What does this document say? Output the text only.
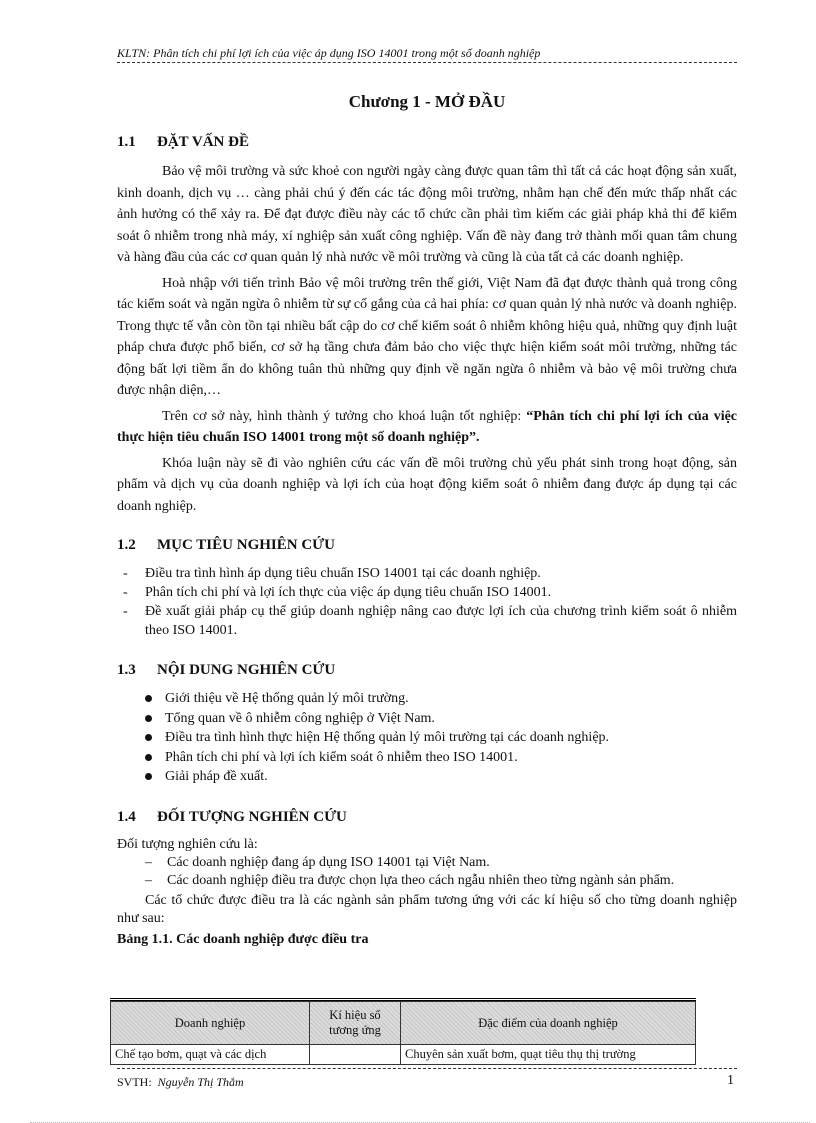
KLTN: Phân tích chi phí lợi ích của việc áp dụng ISO 14001 trong một số doanh nghiệp
Chương 1 - MỞ ĐẦU
1.1 ĐẶT VẤN ĐỀ

Bảo vệ môi trường và sức khoẻ con người ngày càng được quan tâm thì tất cả các hoạt động sản xuất, kinh doanh, dịch vụ … càng phải chú ý đến các tác động môi trường, nhằm hạn chế đến mức thấp nhất các ảnh hưởng có thể xảy ra. Để đạt được điều này các tổ chức cần phải tìm kiếm các giải pháp khả thi để kiểm soát ô nhiễm trong nhà máy, xí nghiệp sản xuất công nghiệp. Vấn đề này đang trở thành mối quan tâm chung và hàng đầu của các cơ quan quản lý nhà nước về môi trường và cũng là của tất cả các doanh nghiệp.

Hoà nhập với tiến trình Bảo vệ môi trường trên thế giới, Việt Nam đã đạt được thành quả trong công tác kiểm soát và ngăn ngừa ô nhiễm từ sự cố gắng của cả hai phía: cơ quan quản lý nhà nước và doanh nghiệp. Trong thực tế vẫn còn tồn tại nhiều bất cập do cơ chế kiểm soát ô nhiễm không hiệu quả, những quy định luật pháp chưa được phổ biến, cơ sở hạ tầng chưa đảm bảo cho việc thực hiện kiểm soát môi trường, những tác động bất lợi tiềm ẩn do không tuân thủ những quy định về ngăn ngừa ô nhiễm và bảo vệ môi trường chưa được nhận diện,…

Trên cơ sở này, hình thành ý tưởng cho khoá luận tốt nghiệp: “Phân tích chi phí lợi ích của việc thực hiện tiêu chuẩn ISO 14001 trong một số doanh nghiệp”.

Khóa luận này sẽ đi vào nghiên cứu các vấn đề môi trường chủ yếu phát sinh trong hoạt động, sản phẩm và dịch vụ của doanh nghiệp và lợi ích của hoạt động kiểm soát ô nhiễm đang được áp dụng tại các doanh nghiệp.

1.2 MỤC TIÊU NGHIÊN CỨU
- Điều tra tình hình áp dụng tiêu chuẩn ISO 14001 tại các doanh nghiệp.
- Phân tích chi phí và lợi ích thực của việc áp dụng tiêu chuẩn ISO 14001.
- Đề xuất giải pháp cụ thể giúp doanh nghiệp nâng cao được lợi ích của chương trình kiểm soát ô nhiễm theo ISO 14001.
1.3 NỘI DUNG NGHIÊN CỨU
Giới thiệu về Hệ thống quản lý môi trường.
Tổng quan về ô nhiễm công nghiệp ở Việt Nam.
Điều tra tình hình thực hiện Hệ thống quản lý môi trường tại các doanh nghiệp.
Phân tích chi phí và lợi ích kiểm soát ô nhiễm theo ISO 14001.
Giải pháp đề xuất.
1.4 ĐỐI TƯỢNG NGHIÊN CỨU

Đối tượng nghiên cứu là:

– Các doanh nghiệp đang áp dụng ISO 14001 tại Việt Nam.
– Các doanh nghiệp điều tra được chọn lựa theo cách ngẫu nhiên theo từng ngành sản phẩm.

Các tổ chức được điều tra là các ngành sản phẩm tương ứng với các kí hiệu số cho từng doanh nghiệp như sau:

Bảng 1.1. Các doanh nghiệp được điều tra
Doanh nghiệp	Kí hiệu số tương ứng	Đặc điểm của doanh nghiệp
Chế tạo bơm, quạt và các dịch		Chuyên sản xuất bơm, quạt tiêu thụ thị trường
SVTH: Nguyễn Thị Thắm	1
